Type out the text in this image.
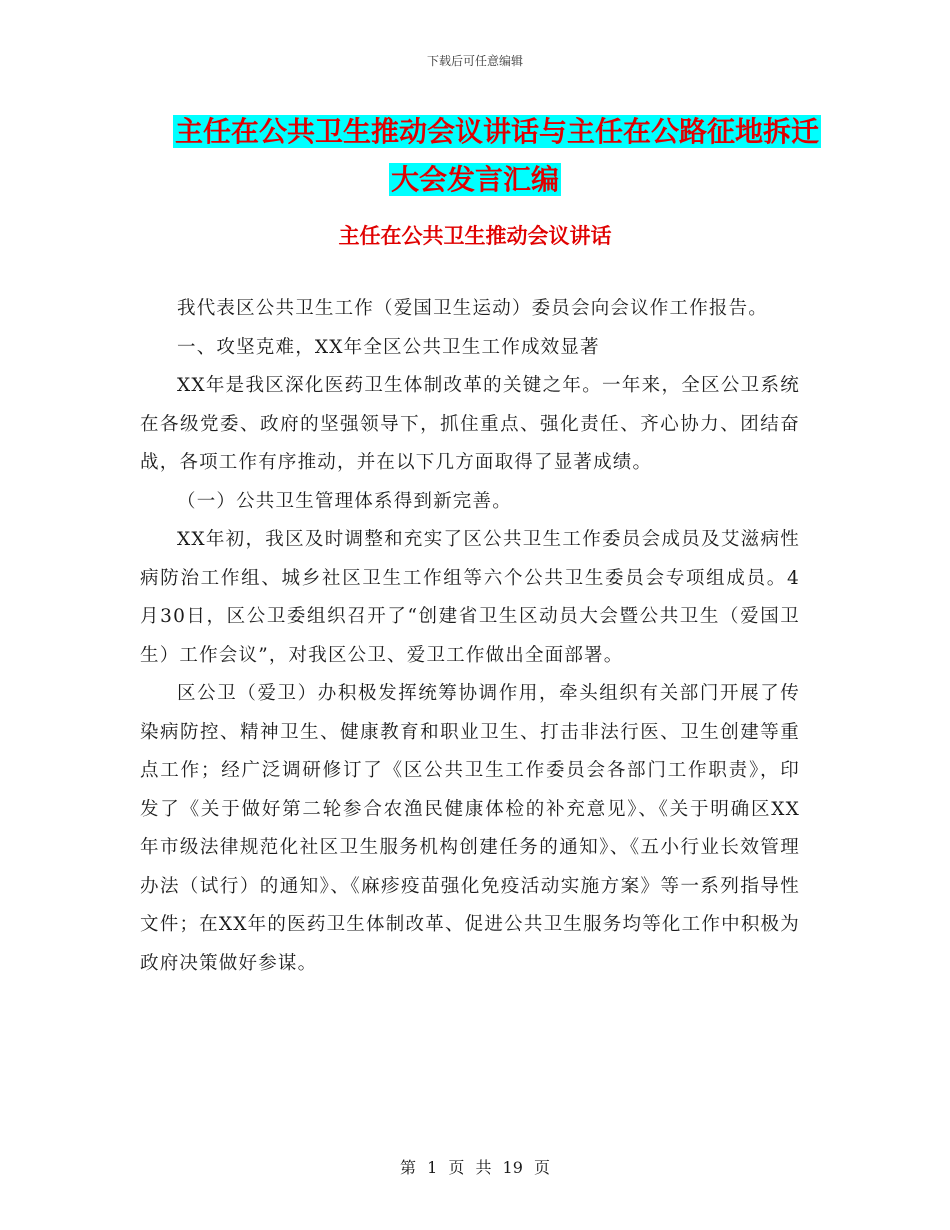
下载后可任意编辑
主任在公共卫生推动会议讲话与主任在公路征地拆迁
大会发言汇编
主任在公共卫生推动会议讲话

我代表区公共卫生工作（爱国卫生运动）委员会向会议作工作报告。

一、攻坚克难，XX年全区公共卫生工作成效显著

XX年是我区深化医药卫生体制改革的关键之年。一年来，全区公卫系统在各级党委、政府的坚强领导下，抓住重点、强化责任、齐心协力、团结奋战，各项工作有序推动，并在以下几方面取得了显著成绩。

（一）公共卫生管理体系得到新完善。

XX年初，我区及时调整和充实了区公共卫生工作委员会成员及艾滋病性病防治工作组、城乡社区卫生工作组等六个公共卫生委员会专项组成员。4月30日，区公卫委组织召开了“创建省卫生区动员大会暨公共卫生（爱国卫生）工作会议”，对我区公卫、爱卫工作做出全面部署。

区公卫（爱卫）办积极发挥统筹协调作用，牵头组织有关部门开展了传染病防控、精神卫生、健康教育和职业卫生、打击非法行医、卫生创建等重点工作；经广泛调研修订了《区公共卫生工作委员会各部门工作职责》，印发了《关于做好第二轮参合农渔民健康体检的补充意见》、《关于明确区XX年市级法律规范化社区卫生服务机构创建任务的通知》、《五小行业长效管理办法（试行）的通知》、《麻疹疫苗强化免疫活动实施方案》等一系列指导性文件；在XX年的医药卫生体制改革、促进公共卫生服务均等化工作中积极为政府决策做好参谋。

第 1 页 共 19 页
